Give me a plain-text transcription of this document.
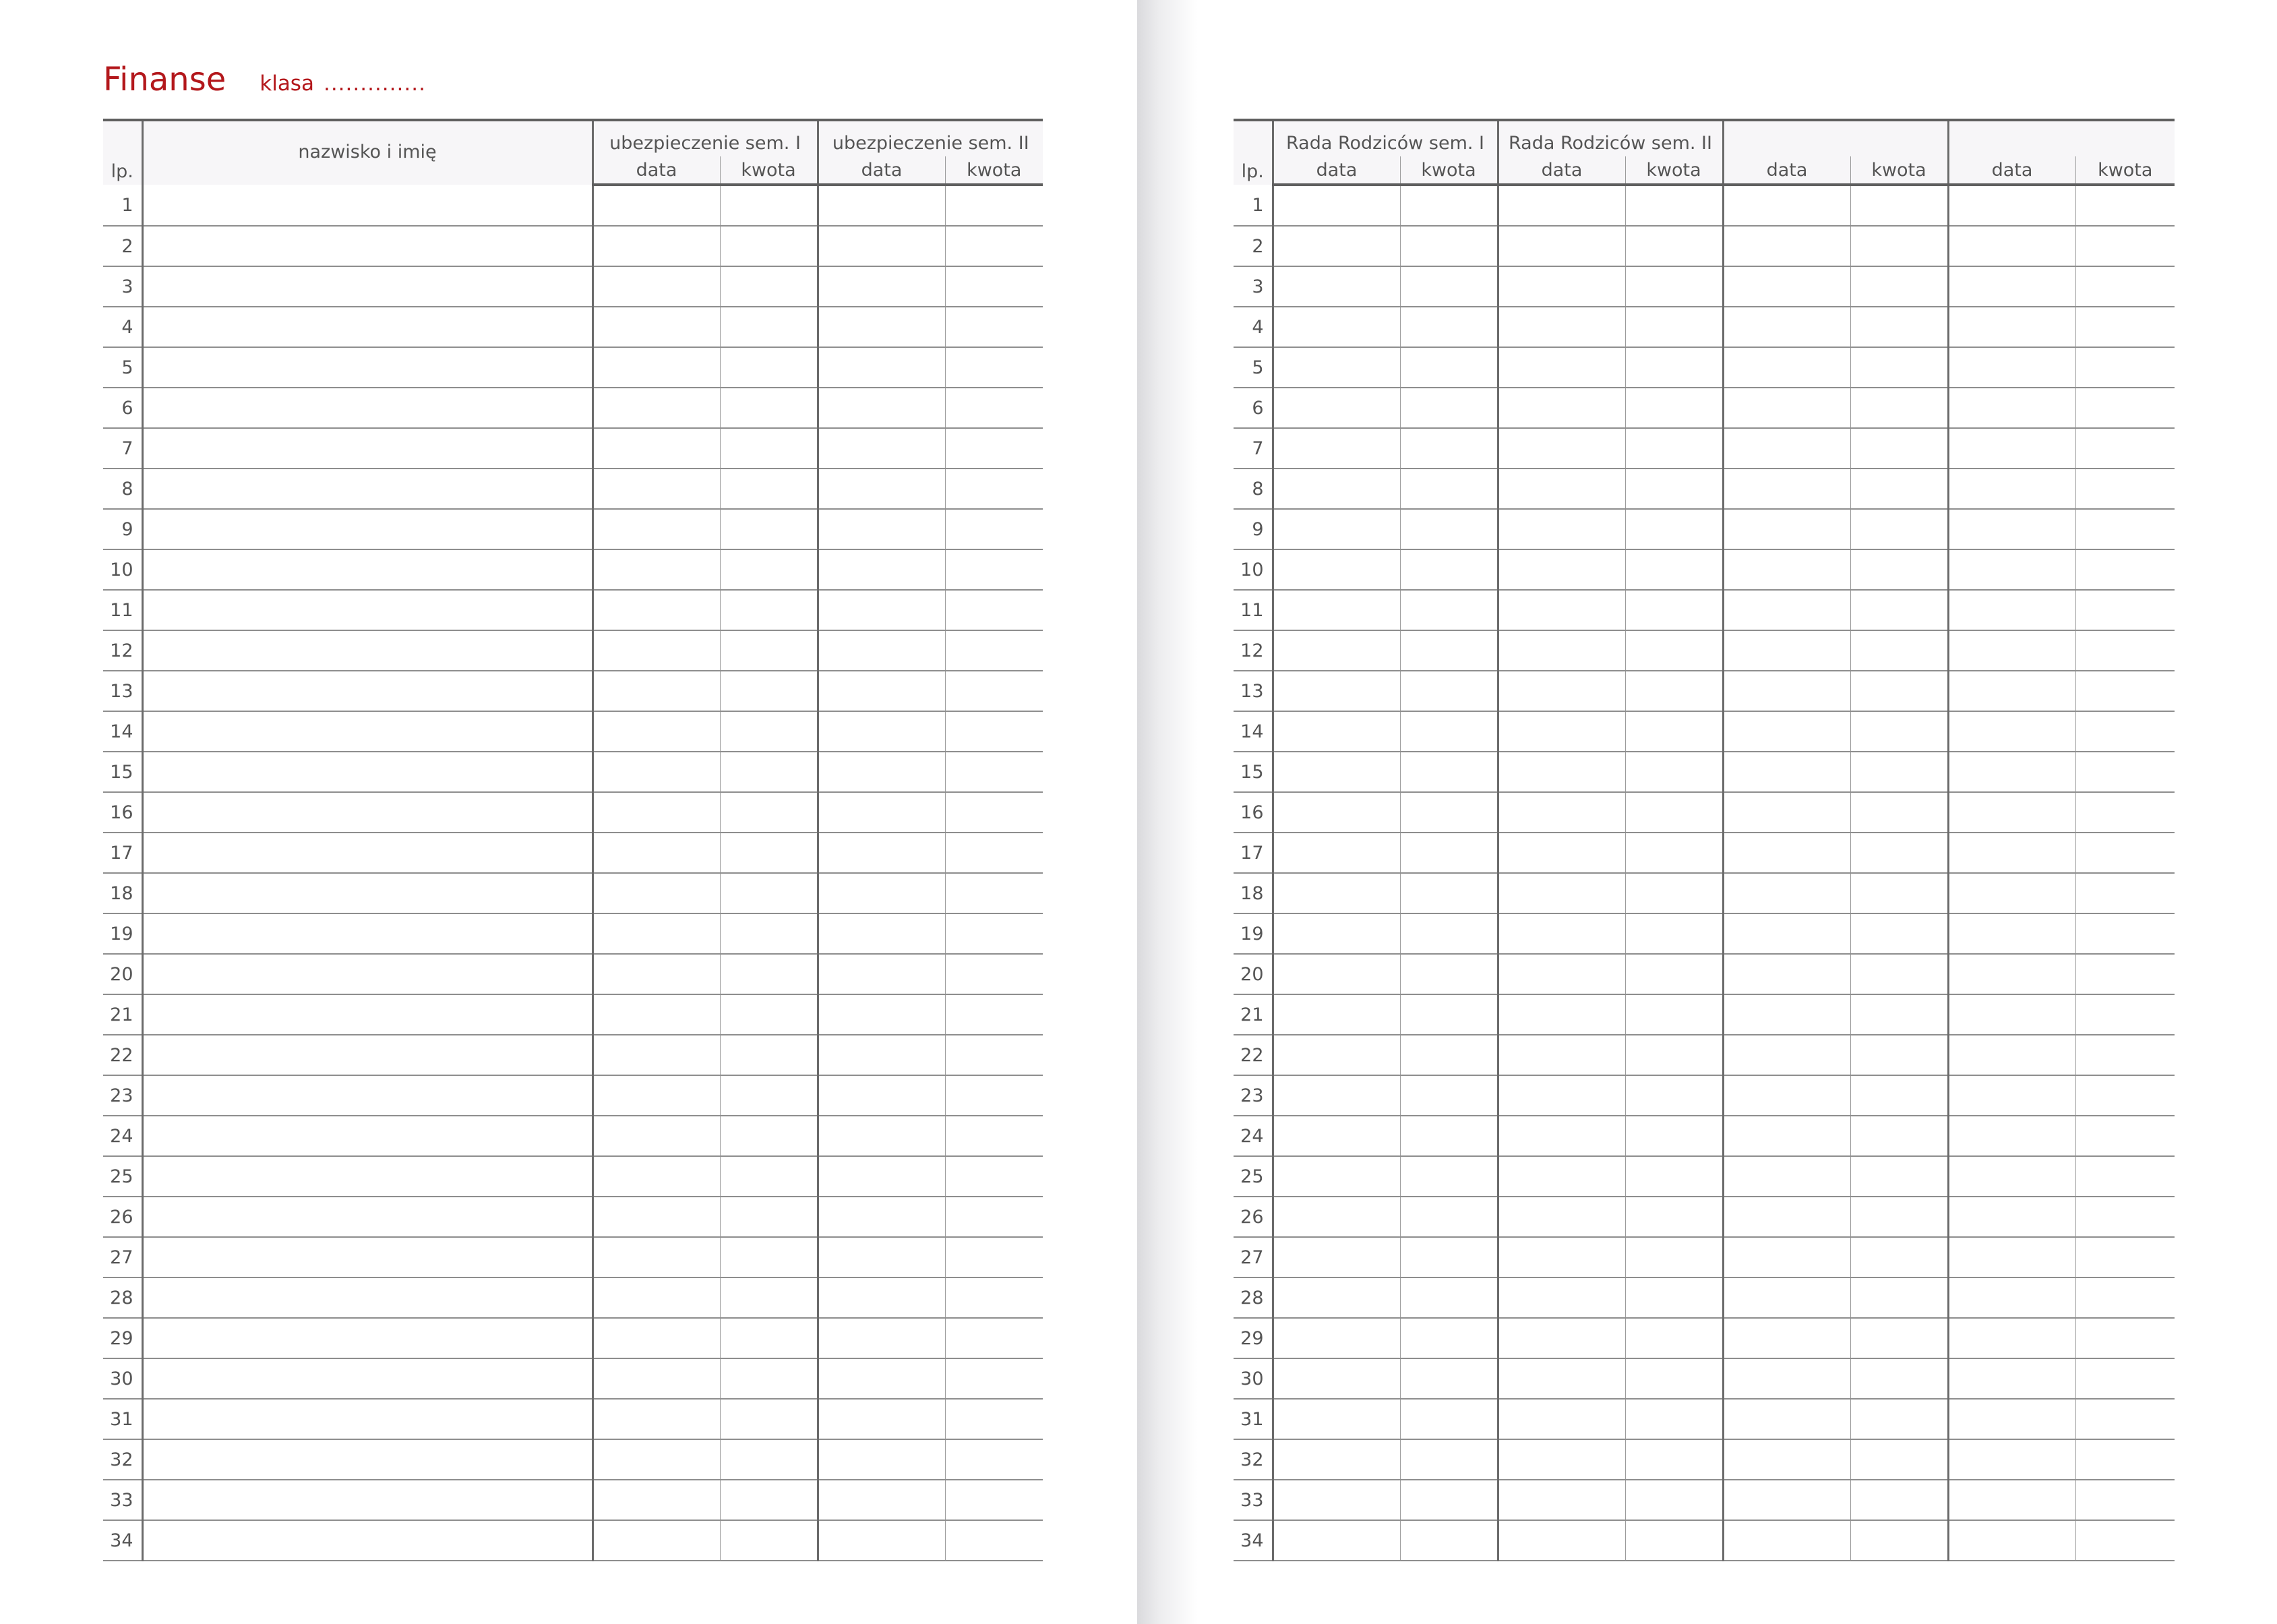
Finanse klasa ..............
lp.	nazwisko i imię	ubezpieczenie sem. I		ubezpieczenie sem. II	
		data	kwota	data	kwota
1					
2					
3					
4					
5					
6					
7					
8					
9					
10					
11					
12					
13					
14					
15					
16					
17					
18					
19					
20					
21					
22					
23					
24					
25					
26					
27					
28					
29					
30					
31					
32					
33					
34					
lp.	Rada Rodziców sem. I		Rada Rodziców sem. II					
	data	kwota	data	kwota	data	kwota	data	kwota
1								
2								
3								
4								
5								
6								
7								
8								
9								
10								
11								
12								
13								
14								
15								
16								
17								
18								
19								
20								
21								
22								
23								
24								
25								
26								
27								
28								
29								
30								
31								
32								
33								
34								
